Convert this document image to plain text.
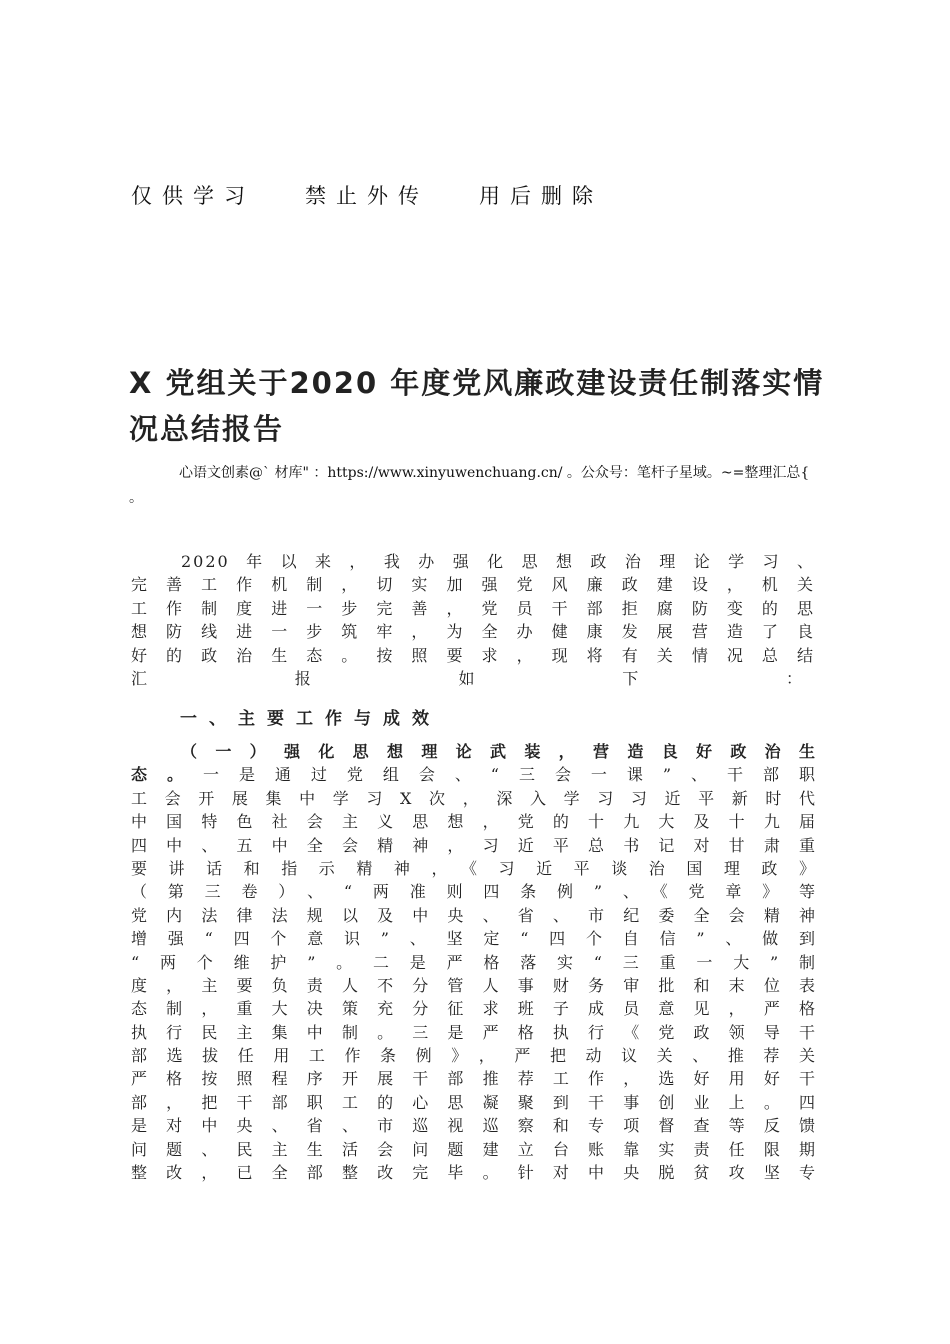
仅供学习   禁止外传   用后删除
X 党组关于2020 年度党风廉政建设责任制落实情况总结报告
心语文创素@` 材库" ：https://www.xinyuwenchuang.cn/ 。公众号：笔杆子星域。~=整理汇总{ 。
2020年以来，我办强化思想政治理论学习、
完善工作机制，切实加强党风廉政建设，机关
工作制度进一步完善，党员干部拒腐防变的思
想防线进一步筑牢，为全办健康发展营造了良
好的政治生态。按照要求，现将有关情况总结
汇报如下：
一、主要工作与成效
（一）强化思想理论武装，营造良好政治生
态。一是通过党组会、“三会一课”、干部职
工会开展集中学习X次，深入学习习近平新时代
中国特色社会主义思想，党的十九大及十九届
四中、五中全会精神，习近平总书记对甘肃重
要讲话和指示精神，《习近平谈治国理政》
（第三卷）、“两准则四条例”、《党章》等
党内法律法规以及中央、省、市纪委全会精神
增强“四个意识”、坚定“四个自信”、做到
“两个维护”。二是严格落实“三重一大”制
度，主要负责人不分管人事财务审批和末位表
态制，重大决策充分征求班子成员意见，严格
执行民主集中制。三是严格执行《党政领导干
部选拔任用工作条例》，严把动议关、推荐关
严格按照程序开展干部推荐工作，选好用好干
部，把干部职工的心思凝聚到干事创业上。四
是对中央、省、市巡视巡察和专项督查等反馈
问题、民主生活会问题建立台账靠实责任限期
整改，已全部整改完毕。针对中央脱贫攻坚专
